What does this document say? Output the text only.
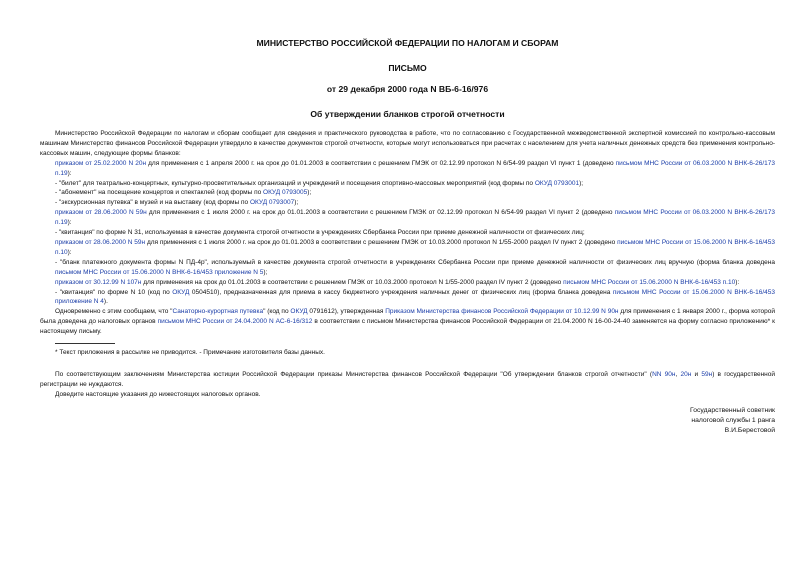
МИНИСТЕРСТВО РОССИЙСКОЙ ФЕДЕРАЦИИ ПО НАЛОГАМ И СБОРАМ
ПИСЬМО
от 29 декабря 2000 года N ВБ-6-16/976
Об утверждении бланков строгой отчетности

Министерство Российской Федерации по налогам и сборам сообщает для сведения и практического руководства в работе, что по согласованию с Государственной межведомственной экспертной комиссией по контрольно-кассовым машинам Министерство финансов Российской Федерации утвердило в качестве документов строгой отчетности, которые могут использоваться при расчетах с населением для учета наличных денежных средств без применения контрольно-кассовых машин, следующие формы бланков:

приказом от 25.02.2000 N 20н для применения с 1 апреля 2000 г. на срок до 01.01.2003 в соответствии с решением ГМЭК от 02.12.99 протокол N 6/54-99 раздел VI пункт 1 (доведено письмом МНС России от 06.03.2000 N ВНК-6-26/173 п.19):

- "билет" для театрально-концертных, культурно-просветительных организаций и учреждений и посещения спортивно-массовых мероприятий (код формы по ОКУД 0793001);

- "абонемент" на посещение концертов и спектаклей (код формы по ОКУД 0793005);

- "экскурсионная путевка" в музей и на выставку (код формы по ОКУД 0793007);

приказом от 28.06.2000 N 59н для применения с 1 июля 2000 г. на срок до 01.01.2003 в соответствии с решением ГМЭК от 02.12.99 протокол N 6/54-99 раздел VI пункт 2 (доведено письмом МНС России от 06.03.2000 N ВНК-6-26/173 п.19):

- "квитанция" по форме N 31, используемая в качестве документа строгой отчетности в учреждениях Сбербанка России при приеме денежной наличности от физических лиц;

приказом от 28.06.2000 N 59н для применения с 1 июля 2000 г. на срок до 01.01.2003 в соответствии с решением ГМЭК от 10.03.2000 протокол N 1/55-2000 раздел IV пункт 2 (доведено письмом МНС России от 15.06.2000 N ВНК-6-16/453 п.10):

- "бланк платежного документа формы N ПД-4р", используемый в качестве документа строгой отчетности в учреждениях Сбербанка России при приеме денежной наличности от физических лиц вручную (форма бланка доведена письмом МНС России от 15.06.2000 N ВНК-6-16/453 приложение N 5);

приказом от 30.12.99 N 107н для применения на срок до 01.01.2003 в соответствии с решением ГМЭК от 10.03.2000 протокол N 1/55-2000 раздел IV пункт 2 (доведено письмом МНС России от 15.06.2000 N ВНК-6-16/453 п.10):

- "квитанция" по форме N 10 (код по ОКУД 0504510), предназначенная для приема в кассу бюджетного учреждения наличных денег от физических лиц (форма бланка доведена письмом МНС России от 15.06.2000 N ВНК-6-16/453 приложение N 4).

Одновременно с этим сообщаем, что "Санаторно-курортная путевка" (код по ОКУД 0791612), утвержденная Приказом Министерства финансов Российской Федерации от 10.12.99 N 90н для применения с 1 января 2000 г., форма которой была доведена до налоговых органов письмом МНС России от 24.04.2000 N АС-6-16/312 в соответствии с письмом Министерства финансов Российской Федерации от 21.04.2000 N 16-00-24-40 заменяется на форму согласно приложению* к настоящему письму.

* Текст приложения в рассылке не приводится. - Примечание изготовителя базы данных.

По соответствующим заключениям Министерства юстиции Российской Федерации приказы Министерства финансов Российской Федерации "Об утверждении бланков строгой отчетности" (NN 90н, 20н и 59н) в государственной регистрации не нуждаются.

Доведите настоящие указания до нижестоящих налоговых органов.

Государственный советник
налоговой службы 1 ранга
В.И.Берестовой
